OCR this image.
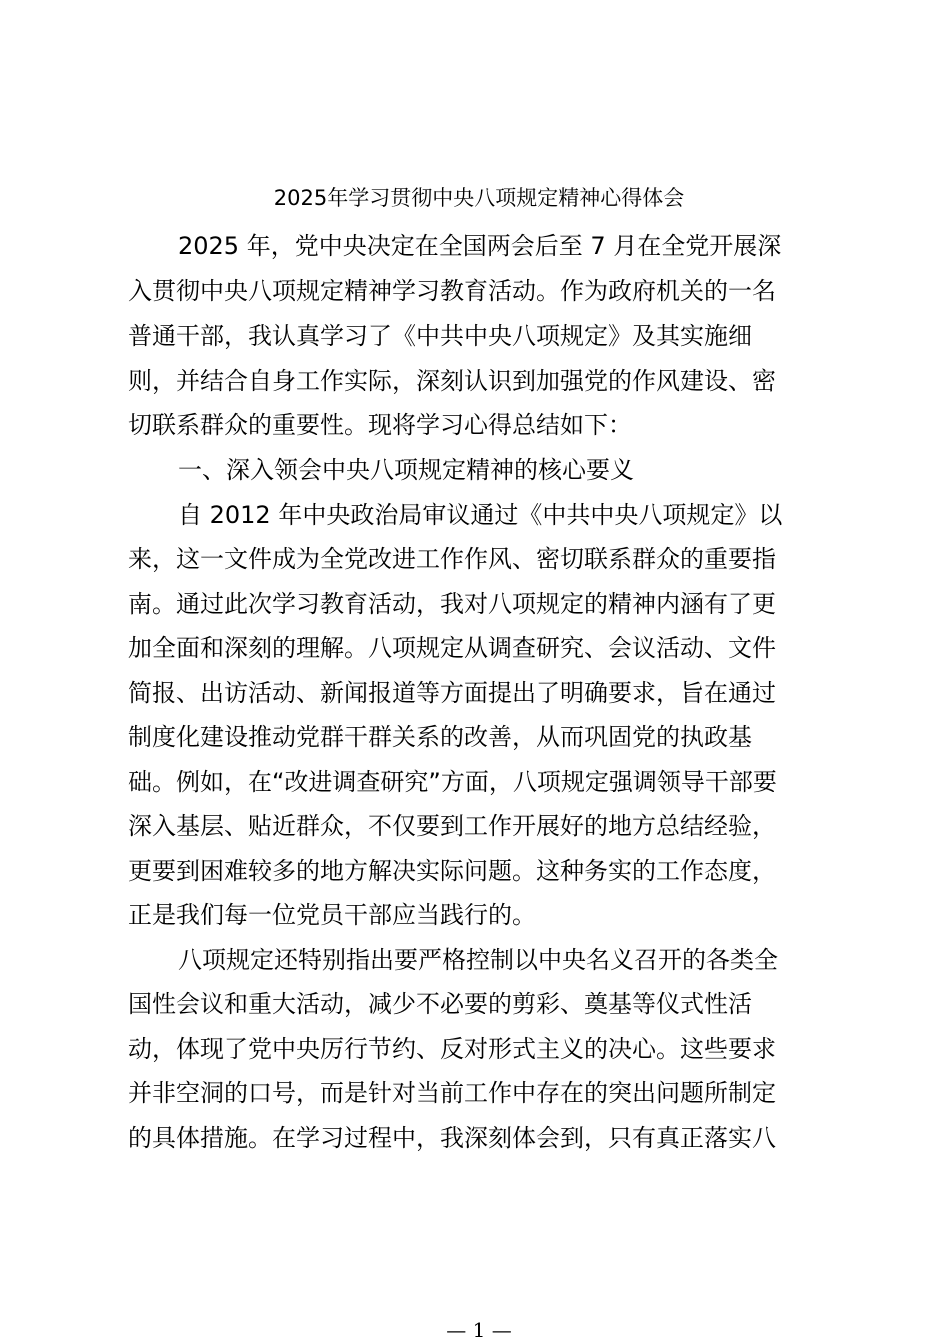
2025年学习贯彻中央八项规定精神心得体会
2025 年，党中央决定在全国两会后至 7 月在全党开展深
入贯彻中央八项规定精神学习教育活动。作为政府机关的一名
普通干部，我认真学习了《中共中央八项规定》及其实施细
则，并结合自身工作实际，深刻认识到加强党的作风建设、密
切联系群众的重要性。现将学习心得总结如下：
一、深入领会中央八项规定精神的核心要义
自 2012 年中央政治局审议通过《中共中央八项规定》以
来，这一文件成为全党改进工作作风、密切联系群众的重要指
南。通过此次学习教育活动，我对八项规定的精神内涵有了更
加全面和深刻的理解。八项规定从调查研究、会议活动、文件
简报、出访活动、新闻报道等方面提出了明确要求，旨在通过
制度化建设推动党群干群关系的改善，从而巩固党的执政基
础。例如，在“改进调查研究”方面，八项规定强调领导干部要
深入基层、贴近群众，不仅要到工作开展好的地方总结经验，
更要到困难较多的地方解决实际问题。这种务实的工作态度，
正是我们每一位党员干部应当践行的。
八项规定还特别指出要严格控制以中央名义召开的各类全
国性会议和重大活动，减少不必要的剪彩、奠基等仪式性活
动，体现了党中央厉行节约、反对形式主义的决心。这些要求
并非空洞的口号，而是针对当前工作中存在的突出问题所制定
的具体措施。在学习过程中，我深刻体会到，只有真正落实八
— 1 —
